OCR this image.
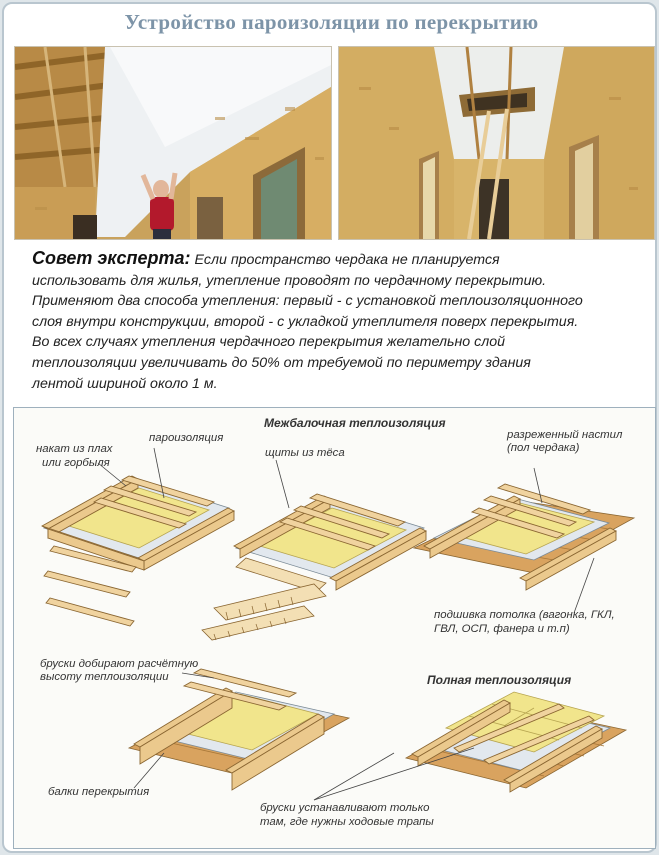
Устройство пароизоляции по перекрытию
Совет эксперта: Если пространство чердака не планируется
использовать для жилья, утепление проводят по чердачному перекрытию.
Применяют два способа утепления: первый - с установкой теплоизоляционного
слоя внутри конструкции, второй - с укладкой утеплителя поверх перекрытия.
Во всех случаях утепления чердачного перекрытия желательно слой
теплоизоляции увеличивать до 50% от требуемой по периметру здания
лентой шириной около 1 м.
Межбалочная теплоизоляция
накат из плах
или горбыля
пароизоляция
щиты из тёса
разреженный настил
(пол чердака)
подшивка потолка (вагонка, ГКЛ,
ГВЛ, ОСП, фанера и т.п)
бруски добирают расчётную
высоту теплоизоляции	Полная теплоизоляция
балки перекрытия
бруски устанавливают только
там, где нужны ходовые трапы
